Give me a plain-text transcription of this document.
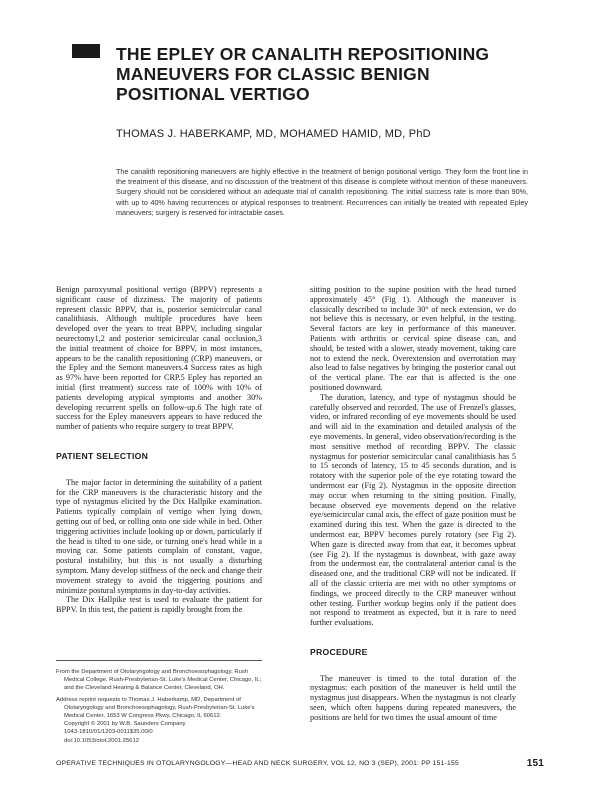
THE EPLEY OR CANALITH REPOSITIONING MANEUVERS FOR CLASSIC BENIGN POSITIONAL VERTIGO
THOMAS J. HABERKAMP, MD, MOHAMED HAMID, MD, PhD

The canalith repositioning maneuvers are highly effective in the treatment of benign positional vertigo. They form the front line in the treatment of this disease, and no discussion of the treatment of this disease is complete without mention of these maneuvers. Surgery should not be considered without an adequate trial of canalith repositioning. The initial success rate is more than 90%, with up to 40% having recurrences or atypical responses to treatment. Recurrences can initially be treated with repeated Epley maneuvers; surgery is reserved for intractable cases.

Benign paroxysmal positional vertigo (BPPV) represents a significant cause of dizziness. The majority of patients represent classic BPPV, that is, posterior semicircular canal canalithiasis. Although multiple procedures have been developed over the years to treat BPPV, including singular neurectomy1,2 and posterior semicircular canal occlusion,3 the initial treatment of choice for BPPV, in most instances, appears to be the canalith repositioning (CRP) maneuvers, or the Epley and the Semont maneuvers.4 Success rates as high as 97% have been reported for CRP.5 Epley has reported an initial (first treatment) success rate of 100% with 10% of patients developing atypical symptoms and another 30% developing recurrent spells on follow-up.6 The high rate of success for the Epley maneuvers appears to have reduced the number of patients who require surgery to treat BPPV.

PATIENT SELECTION

The major factor in determining the suitability of a patient for the CRP maneuvers is the characteristic history and the type of nystagmus elicited by the Dix Hallpike examination. Patients typically complain of vertigo when lying down, getting out of bed, or rolling onto one side while in bed. Other triggering activities include looking up or down, particularly if the head is tilted to one side, or turning one's head while in a moving car. Some patients complain of constant, vague, postural instability, but this is not usually a disturbing symptom. Many develop stiffness of the neck and change their movement strategy to avoid the triggering positions and minimize postural symptoms in day-to-day activities.

The Dix Hallpike test is used to evaluate the patient for BPPV. In this test, the patient is rapidly brought from the

sitting position to the supine position with the head turned approximately 45° (Fig 1). Although the maneuver is classically described to include 30° of neck extension, we do not believe this is necessary, or even helpful, in the testing. Several factors are key in performance of this maneuver. Patients with arthritis or cervical spine disease can, and should, be tested with a slower, steady movement, taking care not to extend the neck. Overextension and overrotation may also lead to false negatives by bringing the posterior canal out of the vertical plane. The ear that is affected is the one positioned downward.

The duration, latency, and type of nystagmus should be carefully observed and recorded. The use of Frenzel's glasses, video, or infrared recording of eye movements should be used and will aid in the examination and detailed analysis of the eye movements. In general, video observation/recording is the most sensitive method of recording BPPV. The classic nystagmus for posterior semicircular canal canalithiasis has 5 to 15 seconds of latency, 15 to 45 seconds duration, and is rotatory with the superior pole of the eye rotating toward the undermost ear (Fig 2). Nystagmus in the opposite direction may occur when returning to the sitting position. Finally, because observed eye movements depend on the relative eye/semicircular canal axis, the effect of gaze position must be examined during this test. When the gaze is directed to the undermost ear, BPPV becomes purely rotatory (see Fig 2). When gaze is directed away from that ear, it becomes upbeat (see Fig 2). If the nystagmus is downbeat, with gaze away from the undermost ear, the contralateral anterior canal is the diseased one, and the traditional CRP will not be indicated. If all of the classic criteria are met with no other symptoms or findings, we proceed directly to the CRP maneuver without other testing. Further workup begins only if the patient does not respond to treatment as expected, but it is rare to need further evaluations.

PROCEDURE

The maneuver is timed to the total duration of the nystagmus: each position of the maneuver is held until the nystagmus just disappears. When the nystagmus is not clearly seen, which often happens during repeated maneuvers, the positions are held for two times the usual amount of time

From the Department of Otolaryngology and Bronchoesophagology, Rush Medical College, Rush-Presbyterian-St. Luke's Medical Center, Chicago, IL; and the Cleveland Hearing & Balance Center, Cleveland, OH.

Address reprint requests to Thomas J. Haberkamp, MD, Department of Otolaryngology and Bronchoesophagology, Rush-Presbyterian-St. Luke's Medical Center, 1653 W Congress Pkwy, Chicago, IL 60612.

Copyright © 2001 by W.B. Saunders Company

1043-1810/01/1203-0011$35.00/0

doi:10.1053/otot.2001.25612

OPERATIVE TECHNIQUES IN OTOLARYNGOLOGY—HEAD AND NECK SURGERY, VOL 12, NO 3 (SEP), 2001: PP 151-155	151
